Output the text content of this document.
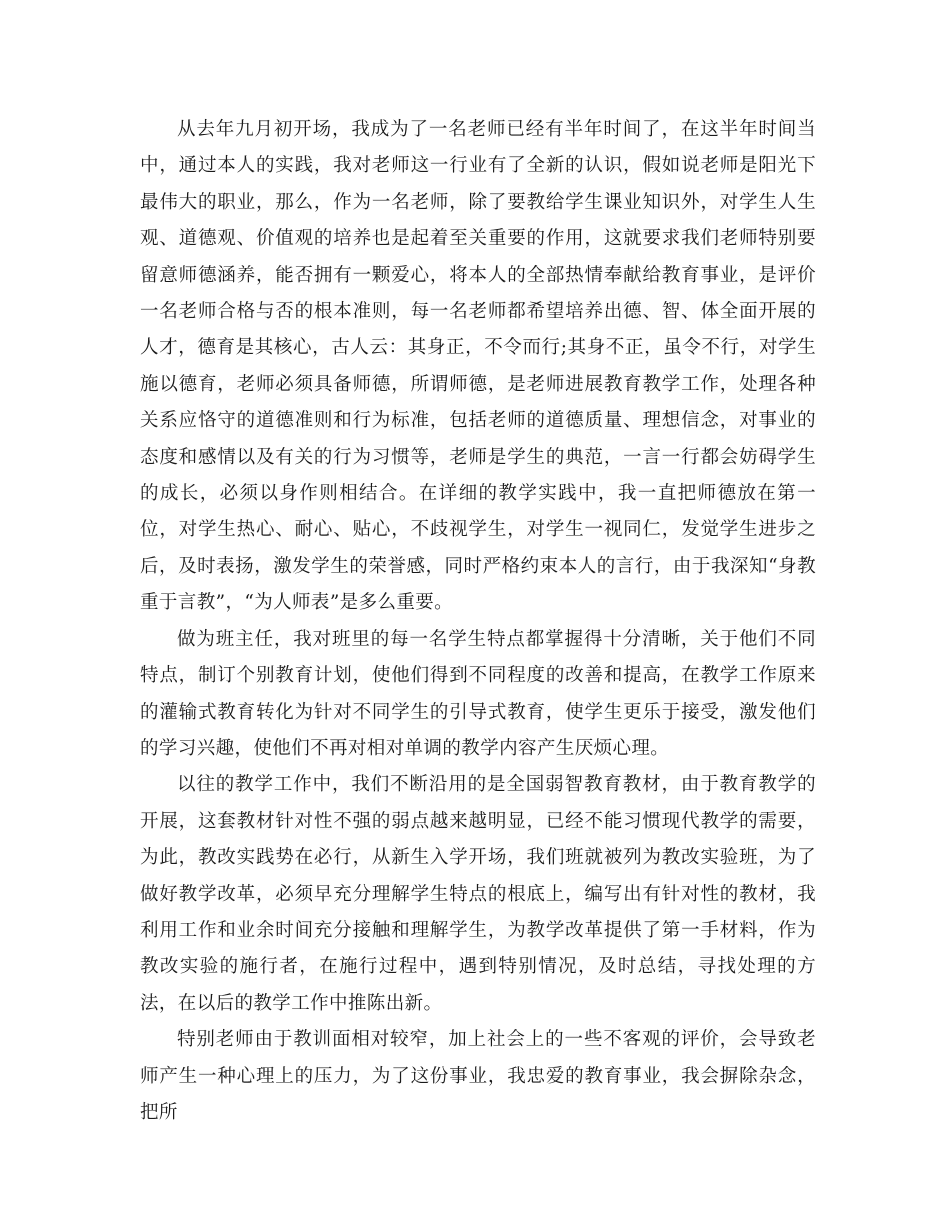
从去年九月初开场，我成为了一名老师已经有半年时间了，在这半年时间当中，通过本人的实践，我对老师这一行业有了全新的认识，假如说老师是阳光下最伟大的职业，那么，作为一名老师，除了要教给学生课业知识外，对学生人生观、道德观、价值观的培养也是起着至关重要的作用，这就要求我们老师特别要留意师德涵养，能否拥有一颗爱心，将本人的全部热情奉献给教育事业，是评价一名老师合格与否的根本准则，每一名老师都希望培养出德、智、体全面开展的人才，德育是其核心，古人云：其身正，不令而行;其身不正，虽令不行，对学生施以德育，老师必须具备师德，所谓师德，是老师进展教育教学工作，处理各种关系应恪守的道德准则和行为标准，包括老师的道德质量、理想信念，对事业的态度和感情以及有关的行为习惯等，老师是学生的典范，一言一行都会妨碍学生的成长，必须以身作则相结合。在详细的教学实践中，我一直把师德放在第一位，对学生热心、耐心、贴心，不歧视学生，对学生一视同仁，发觉学生进步之后，及时表扬，激发学生的荣誉感，同时严格约束本人的言行，由于我深知“身教重于言教”，“为人师表”是多么重要。

做为班主任，我对班里的每一名学生特点都掌握得十分清晰，关于他们不同特点，制订个别教育计划，使他们得到不同程度的改善和提高，在教学工作原来的灌输式教育转化为针对不同学生的引导式教育，使学生更乐于接受，激发他们的学习兴趣，使他们不再对相对单调的教学内容产生厌烦心理。

以往的教学工作中，我们不断沿用的是全国弱智教育教材，由于教育教学的开展，这套教材针对性不强的弱点越来越明显，已经不能习惯现代教学的需要，为此，教改实践势在必行，从新生入学开场，我们班就被列为教改实验班，为了做好教学改革，必须早充分理解学生特点的根底上，编写出有针对性的教材，我利用工作和业余时间充分接触和理解学生，为教学改革提供了第一手材料，作为教改实验的施行者，在施行过程中，遇到特别情况，及时总结，寻找处理的方法，在以后的教学工作中推陈出新。

特别老师由于教训面相对较窄，加上社会上的一些不客观的评价，会导致老师产生一种心理上的压力，为了这份事业，我忠爱的教育事业，我会摒除杂念，把所
